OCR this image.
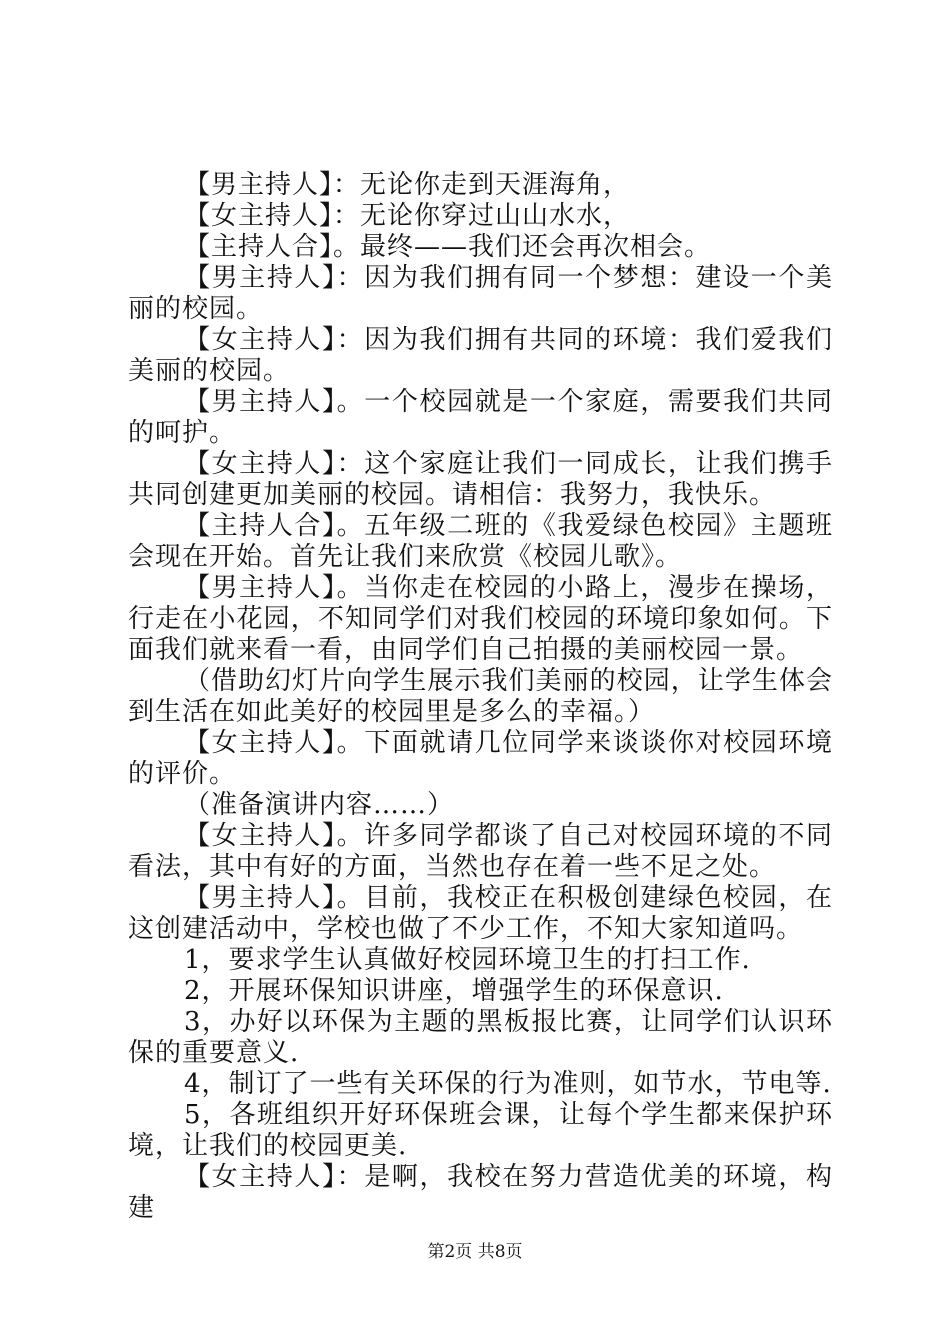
【男主持人】：无论你走到天涯海角，

【女主持人】：无论你穿过山山水水，

【主持人合】。最终——我们还会再次相会。

【男主持人】：因为我们拥有同一个梦想：建设一个美丽的校园。

【女主持人】：因为我们拥有共同的环境：我们爱我们美丽的校园。

【男主持人】。一个校园就是一个家庭，需要我们共同的呵护。

【女主持人】：这个家庭让我们一同成长，让我们携手共同创建更加美丽的校园。请相信：我努力，我快乐。

【主持人合】。五年级二班的《我爱绿色校园》主题班会现在开始。首先让我们来欣赏《校园儿歌》。

【男主持人】。当你走在校园的小路上，漫步在操场，行走在小花园，不知同学们对我们校园的环境印象如何。下面我们就来看一看，由同学们自己拍摄的美丽校园一景。

（借助幻灯片向学生展示我们美丽的校园，让学生体会到生活在如此美好的校园里是多么的幸福。）

【女主持人】。下面就请几位同学来谈谈你对校园环境的评价。

（准备演讲内容……）

【女主持人】。许多同学都谈了自己对校园环境的不同看法，其中有好的方面，当然也存在着一些不足之处。

【男主持人】。目前，我校正在积极创建绿色校园，在这创建活动中，学校也做了不少工作，不知大家知道吗。

1，要求学生认真做好校园环境卫生的打扫工作.

2，开展环保知识讲座，增强学生的环保意识.

3，办好以环保为主题的黑板报比赛，让同学们认识环保的重要意义.

4，制订了一些有关环保的行为准则，如节水，节电等.

5，各班组织开好环保班会课，让每个学生都来保护环境，让我们的校园更美.

【女主持人】：是啊，我校在努力营造优美的环境，构建

第2页 共8页
